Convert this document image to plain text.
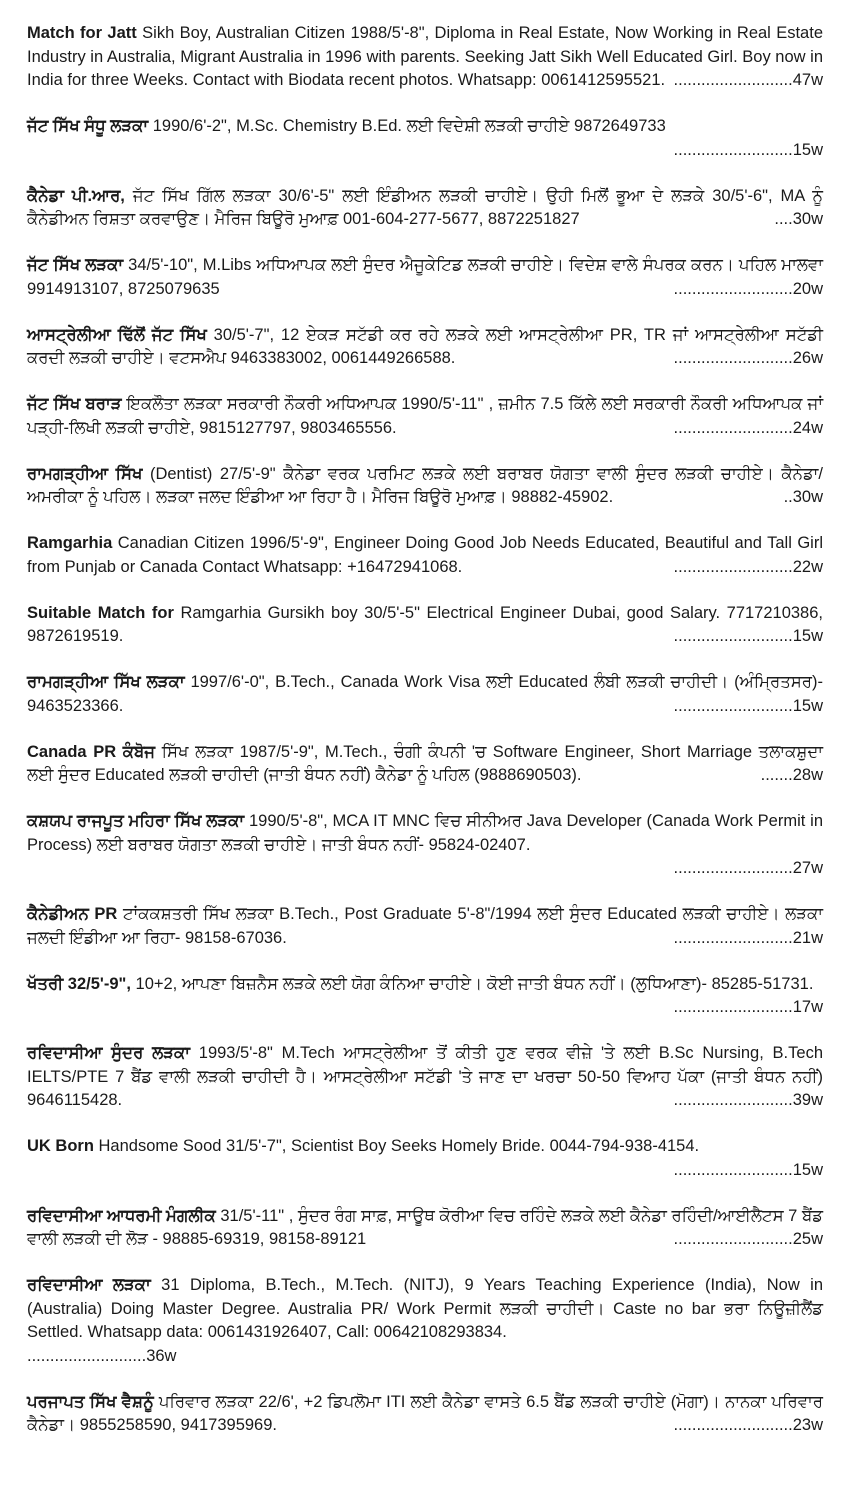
Match for Jatt Sikh Boy, Australian Citizen 1988/5'-8", Diploma in Real Estate, Now Working in Real Estate Industry in Australia, Migrant Australia in 1996 with parents. Seeking Jatt Sikh Well Educated Girl. Boy now in India for three Weeks. Contact with Biodata recent photos. Whatsapp: 0061412595521. ..........................47w
ਜੱਟ ਸਿੱਖ ਸੰਧੂ ਲੜਕਾ 1990/6'-2", M.Sc. Chemistry B.Ed. ਲਈ ਵਿਦੇਸ਼ੀ ਲੜਕੀ ਚਾਹੀਏ 9872649733
..........................15w
ਕੈਨੇਡਾ ਪੀ.ਆਰ, ਜੱਟ ਸਿੱਖ ਗਿੱਲ ਲੜਕਾ 30/6'-5" ਲਈ ਇੰਡੀਅਨ ਲੜਕੀ ਚਾਹੀਏ। ਉਹੀ ਮਿਲੋਂ ਭੂਆ ਦੇ ਲੜਕੇ 30/5'-6", MA ਨੂੰ ਕੈਨੇਡੀਅਨ ਰਿਸ਼ਤਾ ਕਰਵਾਉਣ। ਮੈਰਿਜ ਬਿਊਰੋ ਮੁਆਫ਼ 001-604-277-5677, 8872251827	....30w
ਜੱਟ ਸਿੱਖ ਲੜਕਾ 34/5'-10", M.Libs ਅਧਿਆਪਕ ਲਈ ਸੁੰਦਰ ਐਜੂਕੇਟਿਡ ਲੜਕੀ ਚਾਹੀਏ। ਵਿਦੇਸ਼ ਵਾਲੇ ਸੰਪਰਕ ਕਰਨ। ਪਹਿਲ ਮਾਲਵਾ 9914913107, 8725079635	..........................20w
ਆਸਟ੍ਰੇਲੀਆ ਢਿੱਲੋਂ ਜੱਟ ਸਿੱਖ 30/5'-7", 12 ਏਕੜ ਸਟੱਡੀ ਕਰ ਰਹੇ ਲੜਕੇ ਲਈ ਆਸਟ੍ਰੇਲੀਆ PR, TR ਜਾਂ ਆਸਟ੍ਰੇਲੀਆ ਸਟੱਡੀ ਕਰਦੀ ਲੜਕੀ ਚਾਹੀਏ। ਵਟਸਐਪ 9463383002, 0061449266588.	..........................26w
ਜੱਟ ਸਿੱਖ ਬਰਾੜ ਇਕਲੌਤਾ ਲੜਕਾ ਸਰਕਾਰੀ ਨੌਕਰੀ ਅਧਿਆਪਕ 1990/5'-11" , ਜ਼ਮੀਨ 7.5 ਕਿੱਲੇ ਲਈ ਸਰਕਾਰੀ ਨੌਕਰੀ ਅਧਿਆਪਕ ਜਾਂ ਪੜ੍ਹੀ-ਲਿਖੀ ਲੜਕੀ ਚਾਹੀਏ, 9815127797, 9803465556.	..........................24w
ਰਾਮਗੜ੍ਹੀਆ ਸਿੱਖ (Dentist) 27/5'-9" ਕੈਨੇਡਾ ਵਰਕ ਪਰਮਿਟ ਲੜਕੇ ਲਈ ਬਰਾਬਰ ਯੋਗਤਾ ਵਾਲੀ ਸੁੰਦਰ ਲੜਕੀ ਚਾਹੀਏ। ਕੈਨੇਡਾ/ਅਮਰੀਕਾ ਨੂੰ ਪਹਿਲ। ਲੜਕਾ ਜਲਦ ਇੰਡੀਆ ਆ ਰਿਹਾ ਹੈ। ਮੈਰਿਜ ਬਿਊਰੋ ਮੁਆਫ਼। 98882-45902.	..30w
Ramgarhia Canadian Citizen 1996/5'-9", Engineer Doing Good Job Needs Educated, Beautiful and Tall Girl from Punjab or Canada Contact Whatsapp: +16472941068.	..........................22w
Suitable Match for Ramgarhia Gursikh boy 30/5'-5" Electrical Engineer Dubai, good Salary. 7717210386, 9872619519.	..........................15w
ਰਾਮਗੜ੍ਹੀਆ ਸਿੱਖ ਲੜਕਾ 1997/6'-0", B.Tech., Canada Work Visa ਲਈ Educated ਲੰਬੀ ਲੜਕੀ ਚਾਹੀਦੀ। (ਅੰਮ੍ਰਿਤਸਰ)- 9463523366.	..........................15w
Canada PR ਕੰਬੋਜ ਸਿੱਖ ਲੜਕਾ 1987/5'-9", M.Tech., ਚੰਗੀ ਕੰਪਨੀ 'ਚ Software Engineer, Short Marriage ਤਲਾਕਸ਼ੁਦਾ ਲਈ ਸੁੰਦਰ Educated ਲੜਕੀ ਚਾਹੀਦੀ (ਜਾਤੀ ਬੰਧਨ ਨਹੀਂ) ਕੈਨੇਡਾ ਨੂੰ ਪਹਿਲ (9888690503).	.......28w
ਕਸ਼ਯਪ ਰਾਜਪੂਤ ਮਹਿਰਾ ਸਿੱਖ ਲੜਕਾ 1990/5'-8", MCA IT MNC ਵਿਚ ਸੀਨੀਅਰ Java Developer (Canada Work Permit in Process) ਲਈ ਬਰਾਬਰ ਯੋਗਤਾ ਲੜਕੀ ਚਾਹੀਏ। ਜਾਤੀ ਬੰਧਨ ਨਹੀਂ- 95824-02407.
..........................27w
ਕੈਨੇਡੀਅਨ PR ਟਾਂਕਕਸ਼ਤਰੀ ਸਿੱਖ ਲੜਕਾ B.Tech., Post Graduate 5'-8"/1994 ਲਈ ਸੁੰਦਰ Educated ਲੜਕੀ ਚਾਹੀਏ। ਲੜਕਾ ਜਲਦੀ ਇੰਡੀਆ ਆ ਰਿਹਾ- 98158-67036.	..........................21w
ਖੱਤਰੀ 32/5'-9", 10+2, ਆਪਣਾ ਬਿਜ਼ਨੈਸ ਲੜਕੇ ਲਈ ਯੋਗ ਕੰਨਿਆ ਚਾਹੀਏ। ਕੋਈ ਜਾਤੀ ਬੰਧਨ ਨਹੀਂ। (ਲੁਧਿਆਣਾ)- 85285-51731.
..........................17w
ਰਵਿਦਾਸੀਆ ਸੁੰਦਰ ਲੜਕਾ 1993/5'-8" M.Tech ਆਸਟ੍ਰੇਲੀਆ ਤੋਂ ਕੀਤੀ ਹੁਣ ਵਰਕ ਵੀਜ਼ੇ 'ਤੇ ਲਈ B.Sc Nursing, B.Tech IELTS/PTE 7 ਬੈਂਡ ਵਾਲੀ ਲੜਕੀ ਚਾਹੀਦੀ ਹੈ। ਆਸਟ੍ਰੇਲੀਆ ਸਟੱਡੀ 'ਤੇ ਜਾਣ ਦਾ ਖਰਚਾ 50-50 ਵਿਆਹ ਪੱਕਾ (ਜਾਤੀ ਬੰਧਨ ਨਹੀਂ) 9646115428.	..........................39w
UK Born Handsome Sood 31/5'-7", Scientist Boy Seeks Homely Bride. 0044-794-938-4154.
..........................15w
ਰਵਿਦਾਸੀਆ ਆਧਰਮੀ ਮੰਗਲੀਕ 31/5'-11" , ਸੁੰਦਰ ਰੰਗ ਸਾਫ਼, ਸਾਊਥ ਕੋਰੀਆ ਵਿਚ ਰਹਿੰਦੇ ਲੜਕੇ ਲਈ ਕੈਨੇਡਾ ਰਹਿੰਦੀ/ਆਈਲੈਟਸ 7 ਬੈਂਡ ਵਾਲੀ ਲੜਕੀ ਦੀ ਲੋੜ - 98885-69319, 98158-89121	..........................25w
ਰਵਿਦਾਸੀਆ ਲੜਕਾ 31 Diploma, B.Tech., M.Tech. (NITJ), 9 Years Teaching Experience (India), Now in (Australia) Doing Master Degree. Australia PR/ Work Permit ਲੜਕੀ ਚਾਹੀਦੀ। Caste no bar ਭਰਾ ਨਿਊਜ਼ੀਲੈਂਡ Settled. Whatsapp data: 0061431926407, Call: 00642108293834.
..........................36w
ਪਰਜਾਪਤ ਸਿੱਖ ਵੈਸ਼ਨੂੰ ਪਰਿਵਾਰ ਲੜਕਾ 22/6', +2 ਡਿਪਲੋਮਾ ITI ਲਈ ਕੈਨੇਡਾ ਵਾਸਤੇ 6.5 ਬੈਂਡ ਲੜਕੀ ਚਾਹੀਏ (ਮੋਗਾ)। ਨਾਨਕਾ ਪਰਿਵਾਰ ਕੈਨੇਡਾ। 9855258590, 9417395969.	..........................23w
